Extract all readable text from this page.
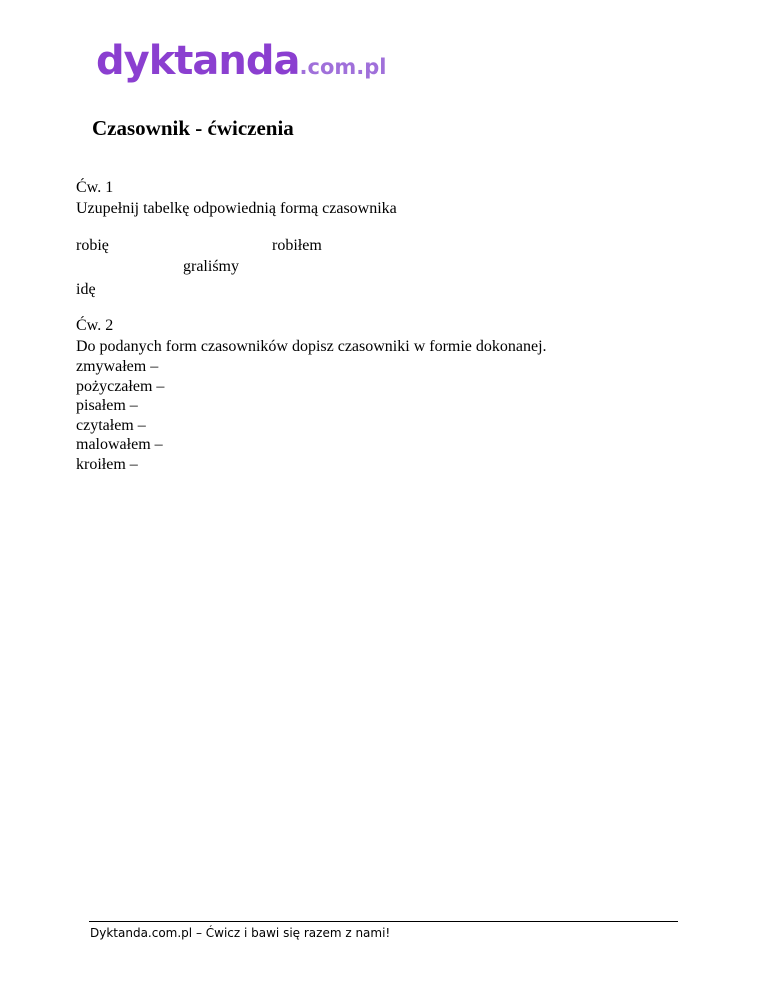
dyktanda.com.pl
Czasownik - ćwiczenia
Ćw. 1
Uzupełnij tabelkę odpowiednią formą czasownika
robię	robiłem
graliśmy
idę
Ćw. 2
Do podanych form czasowników dopisz czasowniki w formie dokonanej.
zmywałem –
pożyczałem –
pisałem –
czytałem –
malowałem –
kroiłem –
Dyktanda.com.pl – Ćwicz i bawi się razem z nami!
